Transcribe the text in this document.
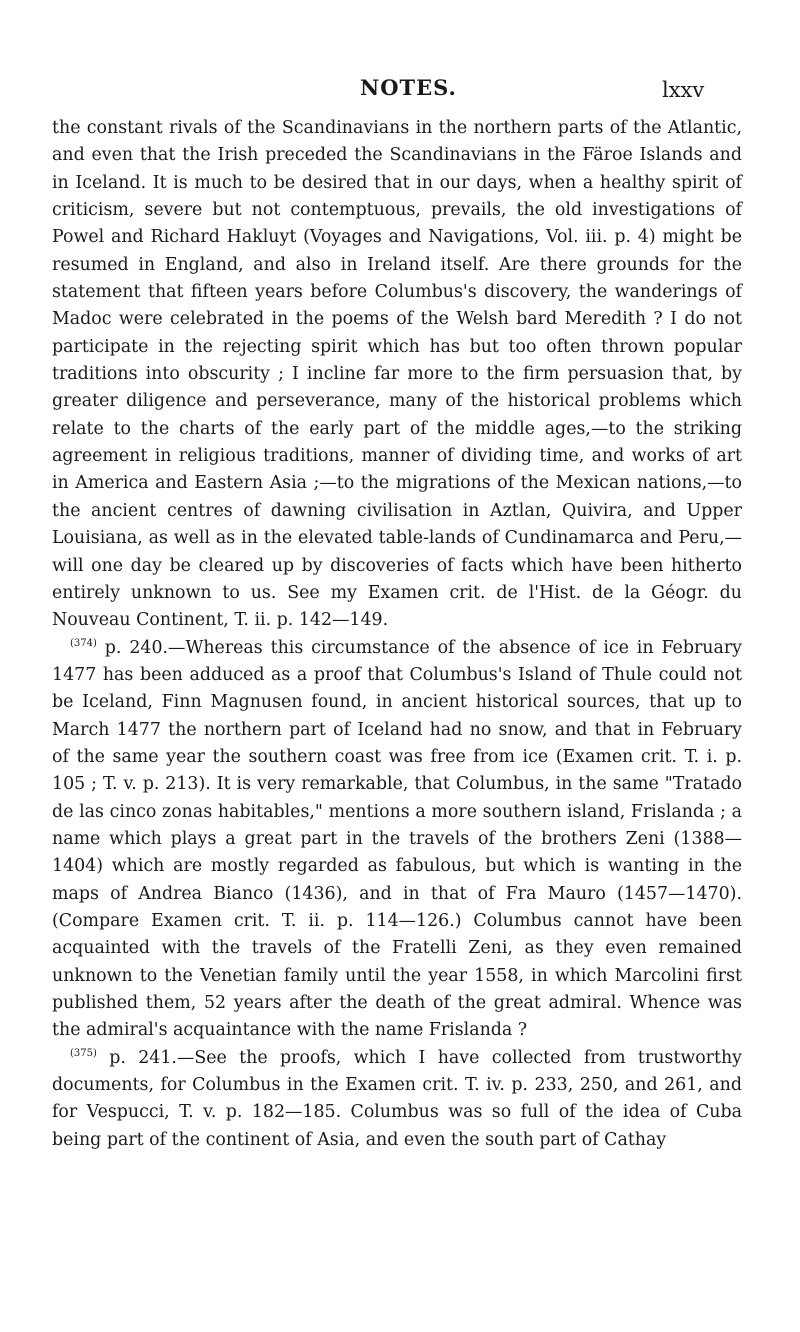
NOTES.	lxxv

the constant rivals of the Scandinavians in the northern parts of the Atlantic, and even that the Irish preceded the Scandinavians in the Färoe Islands and in Iceland. It is much to be desired that in our days, when a healthy spirit of criticism, severe but not contemptuous, prevails, the old investigations of Powel and Richard Hakluyt (Voyages and Navigations, Vol. iii. p. 4) might be resumed in England, and also in Ireland itself. Are there grounds for the statement that fifteen years before Columbus's discovery, the wanderings of Madoc were celebrated in the poems of the Welsh bard Meredith ? I do not participate in the rejecting spirit which has but too often thrown popular traditions into obscurity ; I incline far more to the firm persuasion that, by greater diligence and perseverance, many of the historical problems which relate to the charts of the early part of the middle ages,—to the striking agreement in religious traditions, manner of dividing time, and works of art in America and Eastern Asia ;—to the migrations of the Mexican nations,—to the ancient centres of dawning civilisation in Aztlan, Quivira, and Upper Louisiana, as well as in the elevated table-lands of Cundinamarca and Peru,—will one day be cleared up by discoveries of facts which have been hitherto entirely unknown to us. See my Examen crit. de l'Hist. de la Géogr. du Nouveau Continent, T. ii. p. 142—149.

$^{(374)}$ p. 240.—Whereas this circumstance of the absence of ice in February 1477 has been adduced as a proof that Columbus's Island of Thule could not be Iceland, Finn Magnusen found, in ancient historical sources, that up to March 1477 the northern part of Iceland had no snow, and that in February of the same year the southern coast was free from ice (Examen crit. T. i. p. 105 ; T. v. p. 213). It is very remarkable, that Columbus, in the same "Tratado de las cinco zonas habitables," mentions a more southern island, Frislanda ; a name which plays a great part in the travels of the brothers Zeni (1388—1404) which are mostly regarded as fabulous, but which is wanting in the maps of Andrea Bianco (1436), and in that of Fra Mauro (1457—1470). (Compare Examen crit. T. ii. p. 114—126.) Columbus cannot have been acquainted with the travels of the Fratelli Zeni, as they even remained unknown to the Venetian family until the year 1558, in which Marcolini first published them, 52 years after the death of the great admiral. Whence was the admiral's acquaintance with the name Frislanda ?

$^{(375)}$ p. 241.—See the proofs, which I have collected from trustworthy documents, for Columbus in the Examen crit. T. iv. p. 233, 250, and 261, and for Vespucci, T. v. p. 182—185. Columbus was so full of the idea of Cuba being part of the continent of Asia, and even the south part of Cathay
